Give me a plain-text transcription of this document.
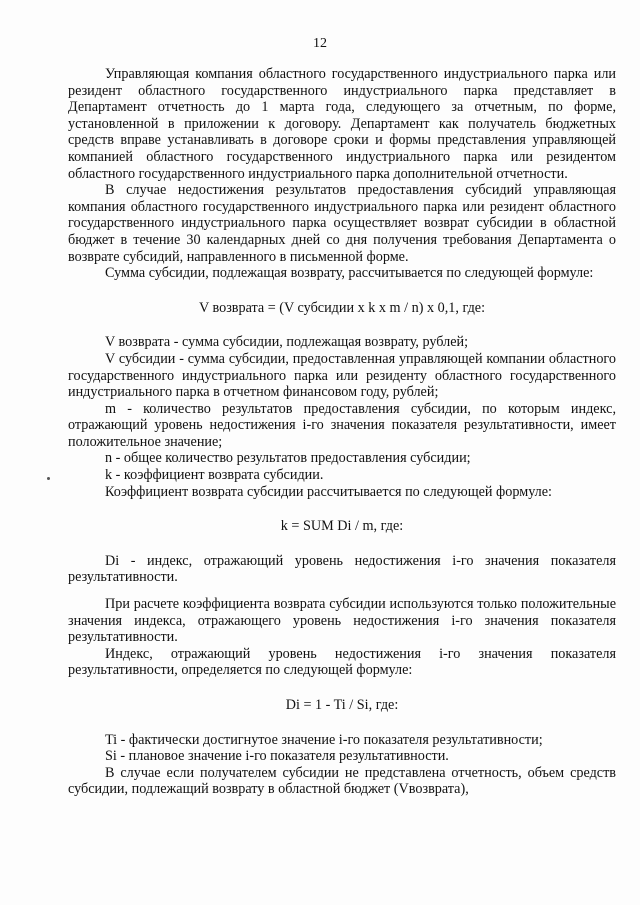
12

Управляющая компания областного государственного индустриального парка или резидент областного государственного индустриального парка представляет в Департамент отчетность до 1 марта года, следующего за отчетным, по форме, установленной в приложении к договору. Департамент как получатель бюджетных средств вправе устанавливать в договоре сроки и формы представления управляющей компанией областного государственного индустриального парка или резидентом областного государственного индустриального парка дополнительной отчетности.

В случае недостижения результатов предоставления субсидий управляющая компания областного государственного индустриального парка или резидент областного государственного индустриального парка осуществляет возврат субсидии в областной бюджет в течение 30 календарных дней со дня получения требования Департамента о возврате субсидий, направленного в письменной форме.

Сумма субсидии, подлежащая возврату, рассчитывается по следующей формуле:

V возврата = (V субсидии x k x m / n) x 0,1, где:

V возврата - сумма субсидии, подлежащая возврату, рублей;

V субсидии - сумма субсидии, предоставленная управляющей компании областного государственного индустриального парка или резиденту областного государственного индустриального парка в отчетном финансовом году, рублей;

m - количество результатов предоставления субсидии, по которым индекс, отражающий уровень недостижения i-го значения показателя результативности, имеет положительное значение;

n - общее количество результатов предоставления субсидии;

k - коэффициент возврата субсидии.

Коэффициент возврата субсидии рассчитывается по следующей формуле:

k = SUM Di / m, где:

Di - индекс, отражающий уровень недостижения i-го значения показателя результативности.

При расчете коэффициента возврата субсидии используются только положительные значения индекса, отражающего уровень недостижения i-го значения показателя результативности.

Индекс, отражающий уровень недостижения i-го значения показателя результативности, определяется по следующей формуле:

Di = 1 - Ti / Si, где:

Ti - фактически достигнутое значение i-го показателя результативности;

Si - плановое значение i-го показателя результативности.

В случае если получателем субсидии не представлена отчетность, объем средств субсидии, подлежащий возврату в областной бюджет (Vвозврата),
